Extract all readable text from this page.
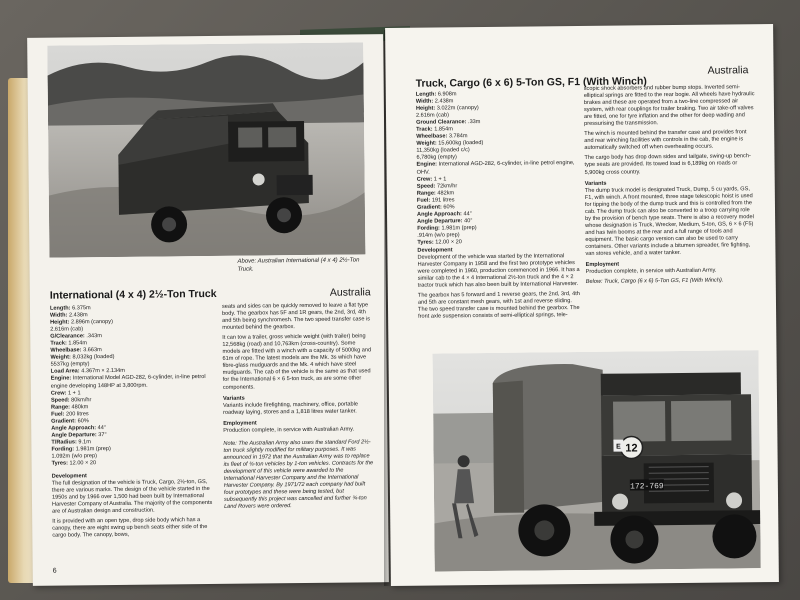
Above: Australian International (4 x 4) 2½-Ton Truck.
International (4 x 4) 2½-Ton Truck	Australia
Length: 6.375m
Width: 2.438m
Height: 2.896m (canopy)
2.616m (cab)
G/Clearance: .343m
Track: 1.854m
Wheelbase: 3.663m
Weight: 8,032kg (loaded)
5537kg (empty)
Load Area: 4.367m × 2.134m
Engine: International Model AGD-282, 6-cylinder, in-line petrol engine developing 148HP at 3,800rpm.
Crew: 1 + 1
Speed: 80km/hr
Range: 480km
Fuel: 200 litres
Gradient: 60%
Angle Approach: 44°
Angle Departure: 37°
T/Radius: 9.1m
Fording: 1.981m (prep)
1.092m (w/o prep)
Tyres: 12.00 × 20
Development

The full designation of the vehicle is Truck, Cargo, 2½-ton, GS, there are various marks. The design of the vehicle started in the 1950s and by 1966 over 1,500 had been built by International Harvester Company of Australia. The majority of the components are of Australian design and construction.

It is provided with an open type, drop side body which has a canopy, there are eight swing up bench seats either side of the cargo body. The canopy, bows,

seats and sides can be quickly removed to leave a flat type body. The gearbox has 5F and 1R gears, the 2nd, 3rd, 4th and 5th being synchromesh. The two speed transfer case is mounted behind the gearbox.

It can tow a trailer, gross vehicle weight (with trailer) being 12,568kg (road) and 10,763km (cross-country). Some models are fitted with a winch with a capacity of 5000kg and 61m of rope. The latest models are the Mk. 3s which have fibre-glass mudguards and the Mk. 4 which have steel mudguards. The cab of the vehicle is the same as that used for the International 6 × 6 5-ton truck, as are some other components.

Variants

Variants include firefighting, machinery, office, portable roadway laying, stores and a 1,818 litres water tanker.

Employment

Production complete, in service with Australian Army.

Note: The Australian Army also uses the standard Ford 2½-ton truck slightly modified for military purposes. It was announced in 1972 that the Australian Army was to replace its fleet of ¾-ton vehicles by 1-ton vehicles. Contracts for the development of this vehicle were awarded to the International Harvester Company and the International Harvester Company. By 1971/72 each company had built four prototypes and these were being tested, but subsequently this project was cancelled and further ¾-ton Land Rovers were ordered.

6
Truck, Cargo (6 x 6) 5-Ton GS, F1 (With Winch)
Australia
Length: 6.908m
Width: 2.438m
Height: 3.022m (canopy)
2.616m (cab)
Ground Clearance: .33m
Track: 1.854m
Wheelbase: 3.784m
Weight: 15,600kg (loaded)
11,350kg (loaded c/c)
6,780kg (empty)
Engine: International AGD-282, 6-cylinder, in-line petrol engine, OHV.
Crew: 1 + 1
Speed: 72km/hr
Range: 482km
Fuel: 191 litres
Gradient: 60%
Angle Approach: 44°
Angle Departure: 40°
Fording: 1.981m (prep)
.914m (w/o prep)
Tyres: 12.00 × 20
Development

Development of the vehicle was started by the International Harvester Company in 1958 and the first two prototype vehicles were completed in 1960, production commenced in 1966. It has a similar cab to the 4 × 4 International 2½-ton truck and the 4 × 2 tractor truck which has also been built by International Harvester.

The gearbox has 5 forward and 1 reverse gears, the 2nd, 3rd, 4th and 5th are constant mesh gears, with 1st and reverse sliding. The two speed transfer case is mounted behind the gearbox. The front axle suspension consists of semi-elliptical springs, tele-

scopic shock absorbers and rubber bump stops. Inverted semi-elliptical springs are fitted to the rear bogie. All wheels have hydraulic brakes and these are operated from a two-line compressed air system, with rear couplings for trailer braking. Two air take-off valves are fitted, one for tyre inflation and the other for deep wading and pressurising the transmission.

The winch is mounted behind the transfer case and provides front and rear winching facilities with controls in the cab, the engine is automatically switched off when overheating occurs.

The cargo body has drop down sides and tailgate, swing-up bench-type seats are provided. Its towed load is 6,189kg on roads or 5,900kg cross country.

Variants

The dump truck model is designated Truck, Dump, 5 cu yards, GS, F1, with winch. A front mounted, three stage telescopic hoist is used for tipping the body of the dump truck and this is controlled from the cab. The dump truck can also be converted to a troop carrying role by the provision of bench type seats. There is also a recovery model whose designation is Truck, Wrecker, Medium, 5-ton, GS, 6 × 6 (F5) and has twin booms at the rear and a full range of tools and equipment. The basic cargo version can also be used to carry containers. Other variants include a bitumen spreader, fire fighting, van stores vehicle, and a water tanker.

Employment

Production complete, in service with Australian Army.

Below: Truck, Cargo (6 x 6) 5-Ton GS, F1 (With Winch).

12
E
172-769
